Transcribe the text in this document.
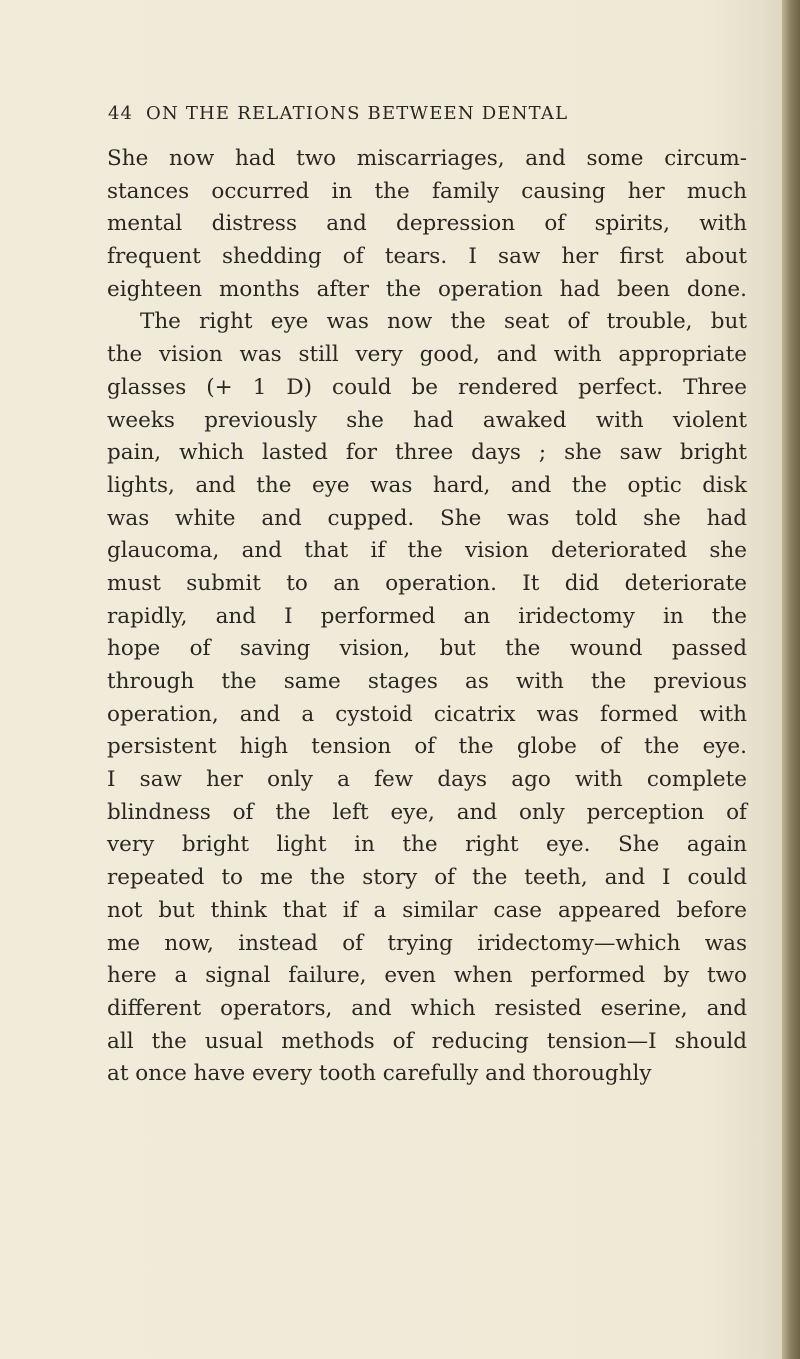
44 ON THE RELATIONS BETWEEN DENTAL
She now had two miscarriages, and some circum-
stances occurred in the family causing her much
mental distress and depression of spirits, with
frequent shedding of tears. I saw her first about
eighteen months after the operation had been done.
The right eye was now the seat of trouble, but
the vision was still very good, and with appropriate
glasses (+ 1 D) could be rendered perfect. Three
weeks previously she had awaked with violent
pain, which lasted for three days ; she saw bright
lights, and the eye was hard, and the optic disk
was white and cupped. She was told she had
glaucoma, and that if the vision deteriorated she
must submit to an operation. It did deteriorate
rapidly, and I performed an iridectomy in the
hope of saving vision, but the wound passed
through the same stages as with the previous
operation, and a cystoid cicatrix was formed with
persistent high tension of the globe of the eye.
I saw her only a few days ago with complete
blindness of the left eye, and only perception of
very bright light in the right eye. She again
repeated to me the story of the teeth, and I could
not but think that if a similar case appeared before
me now, instead of trying iridectomy—which was
here a signal failure, even when performed by two
different operators, and which resisted eserine, and
all the usual methods of reducing tension—I should
at once have every tooth carefully and thoroughly
